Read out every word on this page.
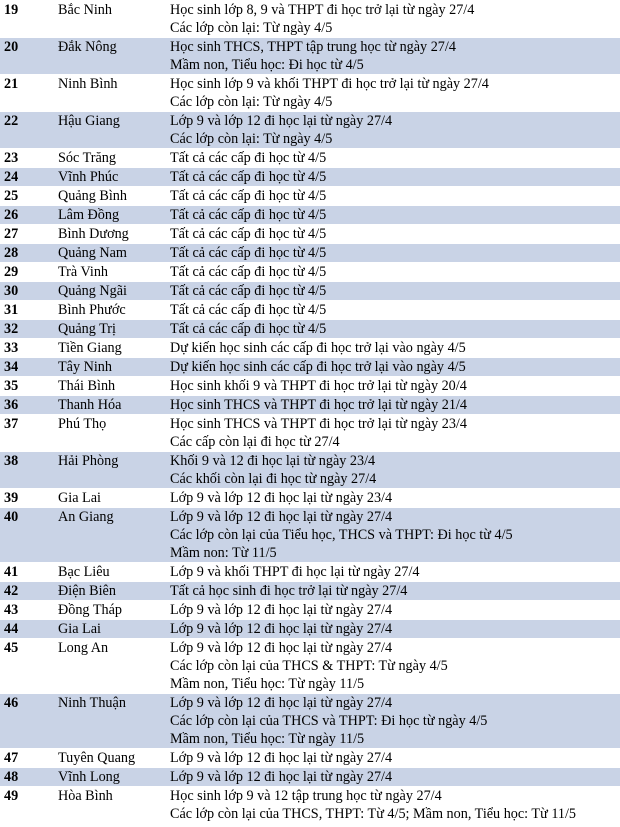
19	Bắc Ninh	Học sinh lớp 8, 9 và THPT đi học trở lại từ ngày 27/4
Các lớp còn lại: Từ ngày 4/5

20	Đắk Nông	Học sinh THCS, THPT tập trung học từ ngày 27/4
Mầm non, Tiểu học: Đi học từ 4/5

21	Ninh Bình	Học sinh lớp 9 và khối THPT đi học trở lại từ ngày 27/4
Các lớp còn lại: Từ ngày 4/5

22	Hậu Giang	Lớp 9 và lớp 12 đi học lại từ ngày 27/4
Các lớp còn lại: Từ ngày 4/5

23	Sóc Trăng	Tất cả các cấp đi học từ 4/5

24	Vĩnh Phúc	Tất cả các cấp đi học từ 4/5

25	Quảng Bình	Tất cả các cấp đi học từ 4/5

26	Lâm Đồng	Tất cả các cấp đi học từ 4/5

27	Bình Dương	Tất cả các cấp đi học từ 4/5

28	Quảng Nam	Tất cả các cấp đi học từ 4/5

29	Trà Vinh	Tất cả các cấp đi học từ 4/5

30	Quảng Ngãi	Tất cả các cấp đi học từ 4/5

31	Bình Phước	Tất cả các cấp đi học từ 4/5

32	Quảng Trị	Tất cả các cấp đi học từ 4/5

33	Tiền Giang	Dự kiến học sinh các cấp đi học trở lại vào ngày 4/5

34	Tây Ninh	Dự kiến học sinh các cấp đi học trở lại vào ngày 4/5

35	Thái Bình	Học sinh khối 9 và THPT đi học trở lại từ ngày 20/4

36	Thanh Hóa	Học sinh THCS và THPT đi học trở lại từ ngày 21/4

37	Phú Thọ	Học sinh THCS và THPT đi học trở lại từ ngày 23/4
Các cấp còn lại đi học từ 27/4

38	Hải Phòng	Khối 9 và 12 đi học lại từ ngày 23/4
Các khối còn lại đi học từ ngày 27/4

39	Gia Lai	Lớp 9 và lớp 12 đi học lại từ ngày 23/4

40	An Giang	Lớp 9 và lớp 12 đi học lại từ ngày 27/4
Các lớp còn lại của Tiểu học, THCS và THPT: Đi học từ 4/5
Mầm non: Từ 11/5

41	Bạc Liêu	Lớp 9 và khối THPT đi học lại từ ngày 27/4

42	Điện Biên	Tất cả học sinh đi học trở lại từ ngày 27/4

43	Đồng Tháp	Lớp 9 và lớp 12 đi học lại từ ngày 27/4

44	Gia Lai	Lớp 9 và lớp 12 đi học lại từ ngày 27/4

45	Long An	Lớp 9 và lớp 12 đi học lại từ ngày 27/4
Các lớp còn lại của THCS & THPT: Từ ngày 4/5
Mầm non, Tiểu học: Từ ngày 11/5

46	Ninh Thuận	Lớp 9 và lớp 12 đi học lại từ ngày 27/4
Các lớp còn lại của THCS và THPT: Đi học từ ngày 4/5
Mầm non, Tiểu học: Từ ngày 11/5

47	Tuyên Quang	Lớp 9 và lớp 12 đi học lại từ ngày 27/4

48	Vĩnh Long	Lớp 9 và lớp 12 đi học lại từ ngày 27/4

49	Hòa Bình	Học sinh lớp 9 và 12 tập trung học từ ngày 27/4
Các lớp còn lại của THCS, THPT: Từ 4/5; Mầm non, Tiểu học: Từ 11/5
